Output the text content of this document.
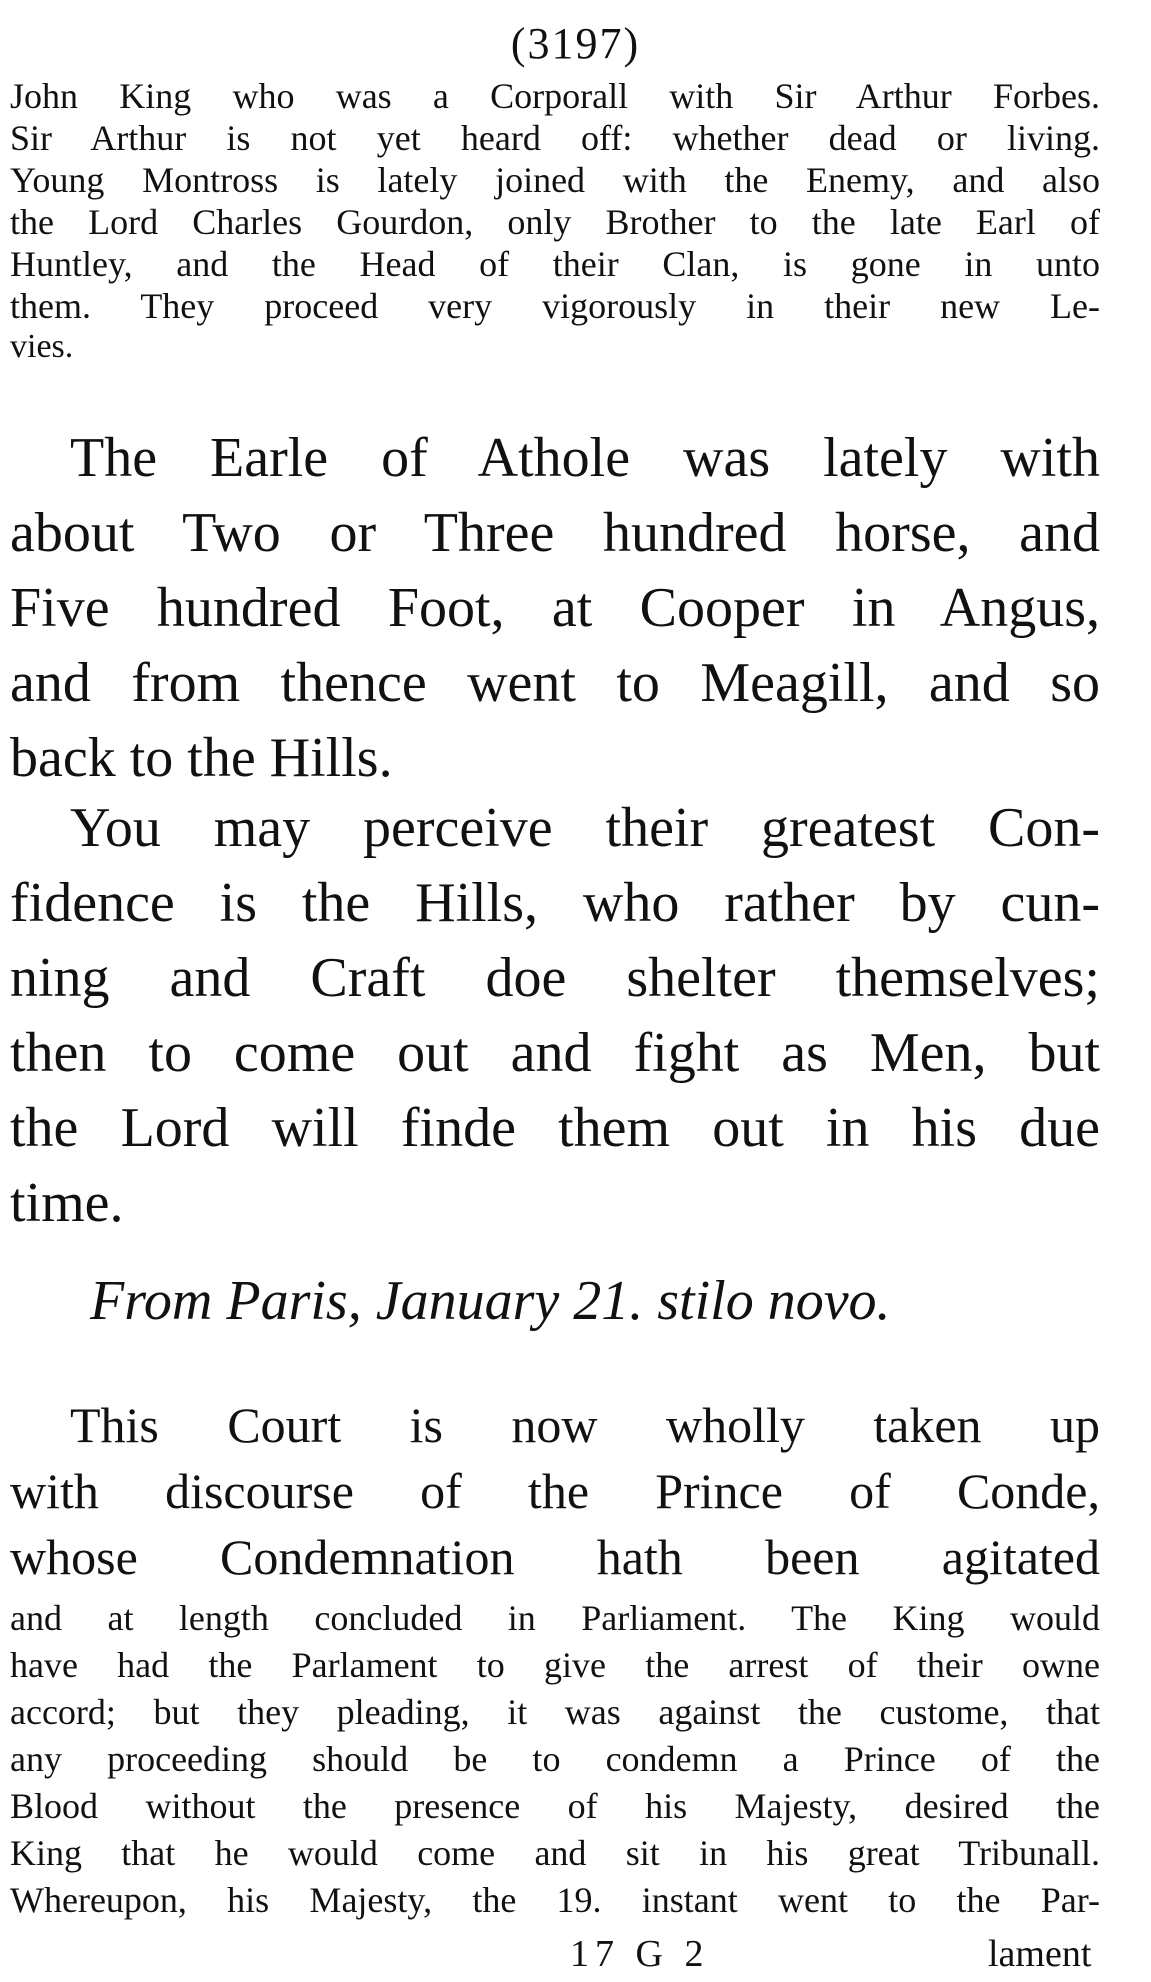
(3197)
John King who was a Corporall with Sir Arthur Forbes.
Sir Arthur is not yet heard off: whether dead or living.
Young Montross is lately joined with the Enemy, and also
the Lord Charles Gourdon, only Brother to the late Earl of
Huntley, and the Head of their Clan, is gone in unto
them. They proceed very vigorously in their new Le-
vies.
The Earle of Athole was lately with
about Two or Three hundred horse, and
Five hundred Foot, at Cooper in Angus,
and from thence went to Meagill, and so
back to the Hills.
You may perceive their greatest Con-
fidence is the Hills, who rather by cun-
ning and Craft doe shelter themselves;
then to come out and fight as Men, but
the Lord will finde them out in his due
time.
From Paris, January 21. stilo novo.
This Court is now wholly taken up
with discourse of the Prince of Conde,
whose Condemnation hath been agitated
and at length concluded in Parliament. The King would
have had the Parlament to give the arrest of their owne
accord; but they pleading, it was against the custome, that
any proceeding should be to condemn a Prince of the
Blood without the presence of his Majesty, desired the
King that he would come and sit in his great Tribunall.
Whereupon, his Majesty, the 19. instant went to the Par-
17 G 2	lament
